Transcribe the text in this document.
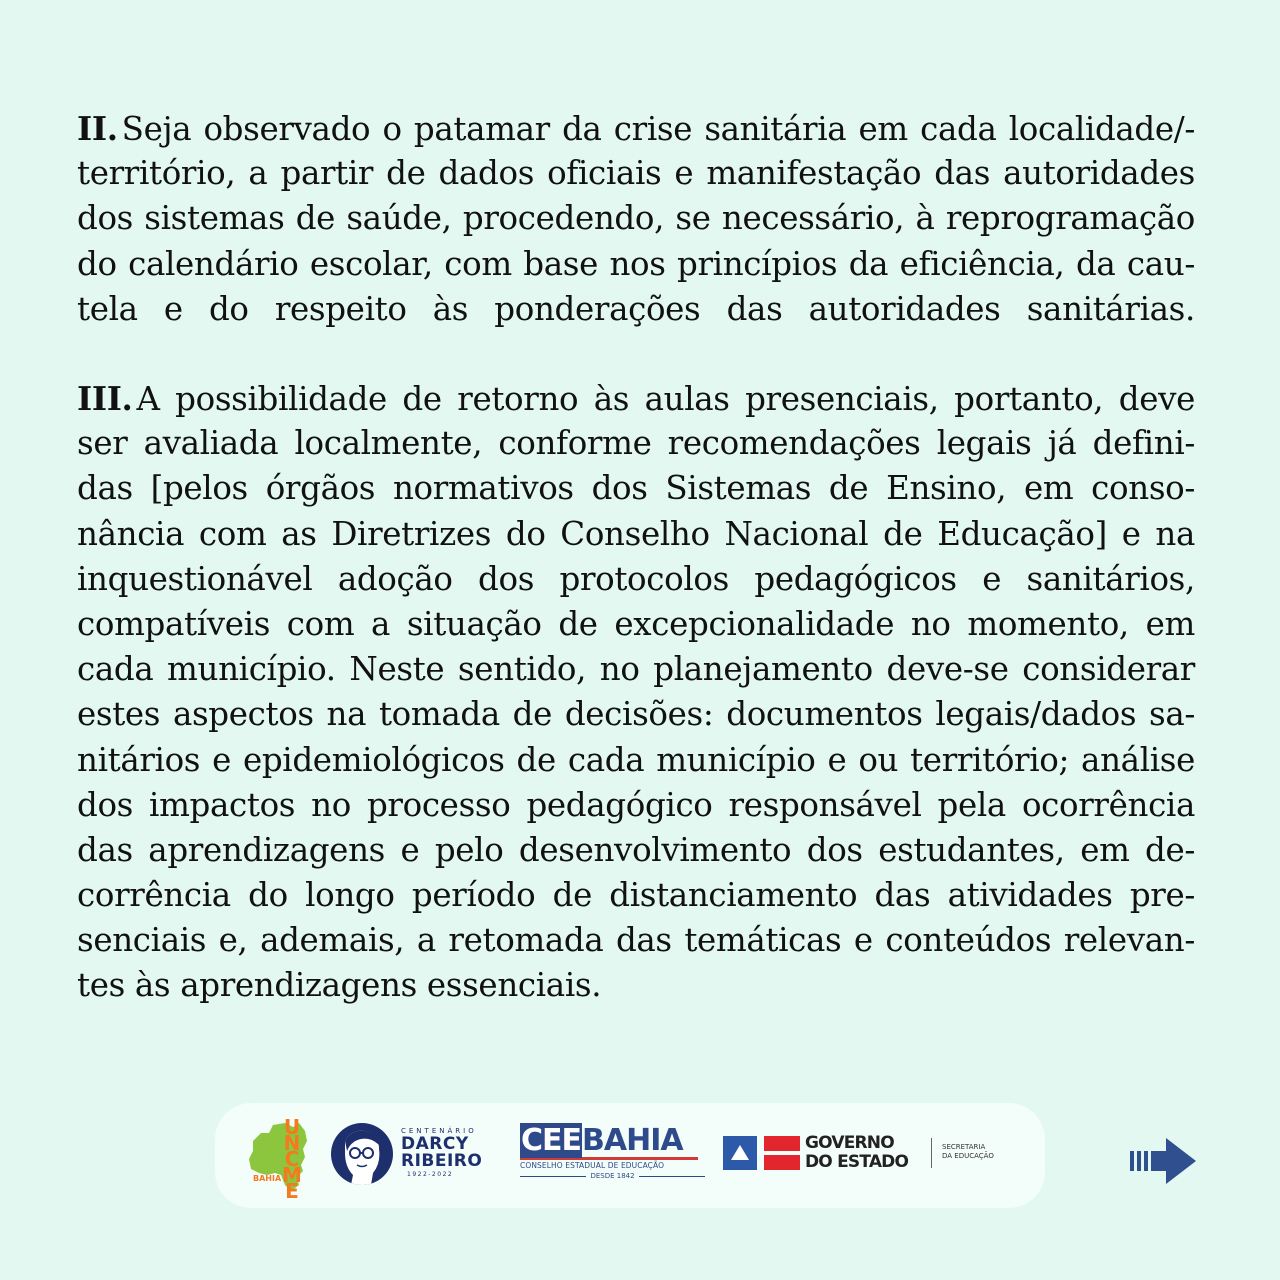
II. Seja observado o patamar da crise sanitária em cada localidade/-
território, a partir de dados oficiais e manifestação das autoridades
dos sistemas de saúde, procedendo, se necessário, à reprogramação
do calendário escolar, com base nos princípios da eficiência, da cau-
tela e do respeito às ponderações das autoridades sanitárias.
III. A possibilidade de retorno às aulas presenciais, portanto, deve
ser avaliada localmente, conforme recomendações legais já defini-
das [pelos órgãos normativos dos Sistemas de Ensino, em conso-
nância com as Diretrizes do Conselho Nacional de Educação] e na
inquestionável adoção dos protocolos pedagógicos e sanitários,
compatíveis com a situação de excepcionalidade no momento, em
cada município. Neste sentido, no planejamento deve-se considerar
estes aspectos na tomada de decisões: documentos legais/dados sa-
nitários e epidemiológicos de cada município e ou território; análise
dos impactos no processo pedagógico responsável pela ocorrência
das aprendizagens e pelo desenvolvimento dos estudantes, em de-
corrência do longo período de distanciamento das atividades pre-
senciais e, ademais, a retomada das temáticas e conteúdos relevan-
tes às aprendizagens essenciais.
UNCME
BAHIA
CENTENÁRIO
DARCY
RIBEIRO
1922-2022
CEEBAHIA
CONSELHO ESTADUAL DE EDUCAÇÃO
DESDE 1842
GOVERNO
DO ESTADO
SECRETARIA
DA EDUCAÇÃO
